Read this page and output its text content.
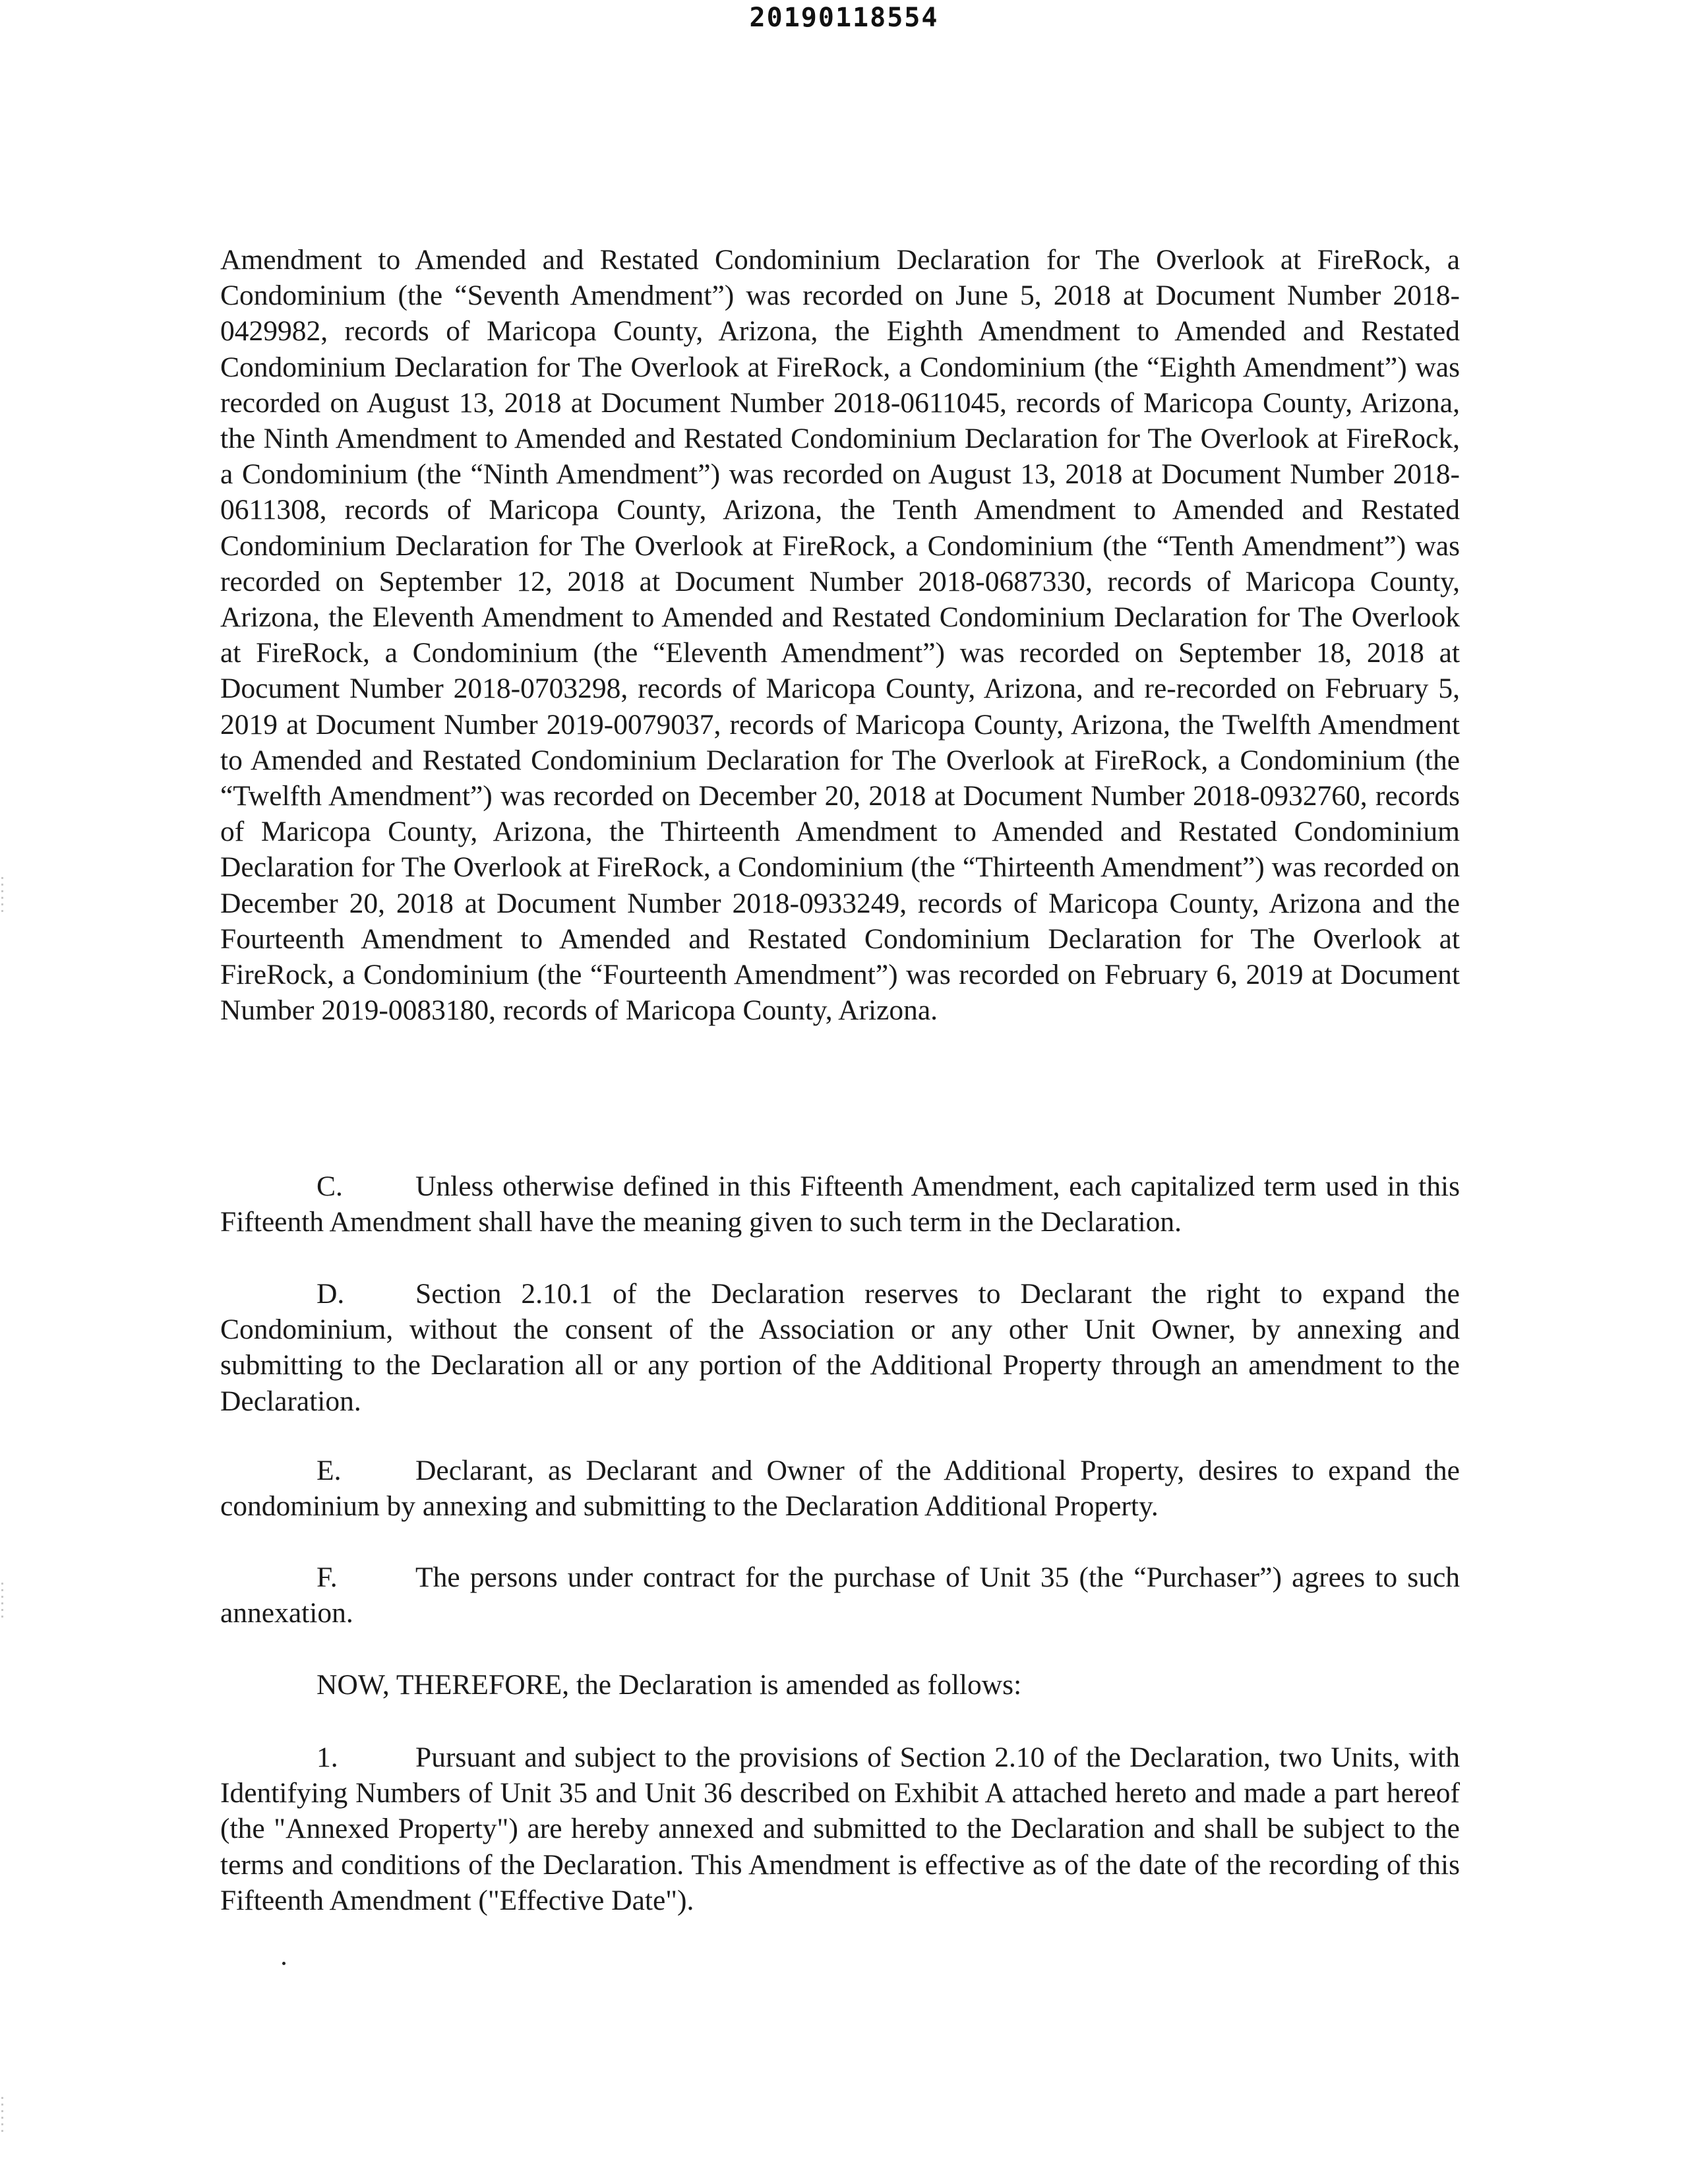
20190118554
Amendment to Amended and Restated Condominium Declaration for The Overlook at FireRock, a Condominium (the “Seventh Amendment”) was recorded on June 5, 2018 at Document Number 2018-0429982, records of Maricopa County, Arizona, the Eighth Amendment to Amended and Restated Condominium Declaration for The Overlook at FireRock, a Condominium (the “Eighth Amendment”) was recorded on August 13, 2018 at Document Number 2018-0611045, records of Maricopa County, Arizona, the Ninth Amendment to Amended and Restated Condominium Declaration for The Overlook at FireRock, a Condominium (the “Ninth Amendment”) was recorded on August 13, 2018 at Document Number 2018-0611308, records of Maricopa County, Arizona, the Tenth Amendment to Amended and Restated Condominium Declaration for The Overlook at FireRock, a Condominium (the “Tenth Amendment”) was recorded on September 12, 2018 at Document Number 2018-0687330, records of Maricopa County, Arizona, the Eleventh Amendment to Amended and Restated Condominium Declaration for The Overlook at FireRock, a Condominium (the “Eleventh Amendment”) was recorded on September 18, 2018 at Document Number 2018-0703298, records of Maricopa County, Arizona, and re-recorded on February 5, 2019 at Document Number 2019-0079037, records of Maricopa County, Arizona, the Twelfth Amendment to Amended and Restated Condominium Declaration for The Overlook at FireRock, a Condominium (the “Twelfth Amendment”) was recorded on December 20, 2018 at Document Number 2018-0932760, records of Maricopa County, Arizona, the Thirteenth Amendment to Amended and Restated Condominium Declaration for The Overlook at FireRock, a Condominium (the “Thirteenth Amendment”) was recorded on December 20, 2018 at Document Number 2018-0933249, records of Maricopa County, Arizona and the Fourteenth Amendment to Amended and Restated Condominium Declaration for The Overlook at FireRock, a Condominium (the “Fourteenth Amendment”) was recorded on February 6, 2019 at Document Number 2019-0083180, records of Maricopa County, Arizona.
C.	Unless otherwise defined in this Fifteenth Amendment, each capitalized term used in this Fifteenth Amendment shall have the meaning given to such term in the Declaration.
D. Section 2.10.1 of the Declaration reserves to Declarant the right to expand the Condominium, without the consent of the Association or any other Unit Owner, by annexing and submitting to the Declaration all or any portion of the Additional Property through an amendment to the Declaration.
E.	Declarant, as Declarant and Owner of the Additional Property, desires to expand the condominium by annexing and submitting to the Declaration Additional Property.
F.	The persons under contract for the purchase of Unit 35 (the “Purchaser”) agrees to such annexation.
NOW, THEREFORE, the Declaration is amended as follows:
1.	Pursuant and subject to the provisions of Section 2.10 of the Declaration, two Units, with Identifying Numbers of Unit 35 and Unit 36 described on Exhibit A attached hereto and made a part hereof (the "Annexed Property") are hereby annexed and submitted to the Declaration and shall be subject to the terms and conditions of the Declaration. This Amendment is effective as of the date of the recording of this Fifteenth Amendment ("Effective Date").
